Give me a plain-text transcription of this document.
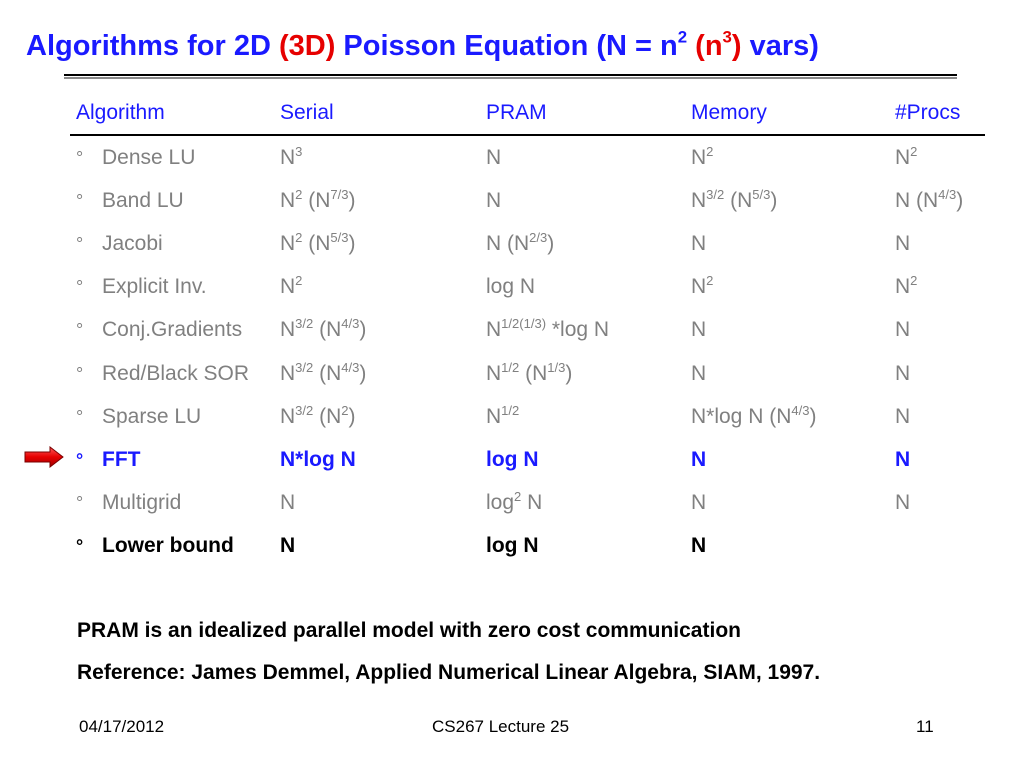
Algorithms for 2D (3D) Poisson Equation ($N = n^2$ $(n^3)$ vars)
Algorithm	Serial	PRAM	Memory	#Procs
° Dense LU	$N^3$	N	$N^2$	$N^2$
° Band LU	$N^2$ $(N^{7/3})$	N	$N^{3/2}$ $(N^{5/3})$	N $(N^{4/3})$
° Jacobi	$N^2$ $(N^{5/3})$	N $(N^{2/3})$	N	N
° Explicit Inv.	$N^2$	log N	$N^2$	$N^2$
° Conj.Gradients	$N^{3/2}$ $(N^{4/3})$	$N^{1/2(1/3)}$ *log N	N	N
° Red/Black SOR	$N^{3/2}$ $(N^{4/3})$	$N^{1/2}$ $(N^{1/3})$	N	N
° Sparse LU	$N^{3/2}$ $(N^2)$	$N^{1/2}$	N*log N $(N^{4/3})$	N
° FFT	N*log N	log N	N	N
° Multigrid	N	$\log^2 N$	N	N
° Lower bound	N	log N	N	
PRAM is an idealized parallel model with zero cost communication
Reference: James Demmel, Applied Numerical Linear Algebra, SIAM, 1997.
04/17/2012	CS267 Lecture 25	11
